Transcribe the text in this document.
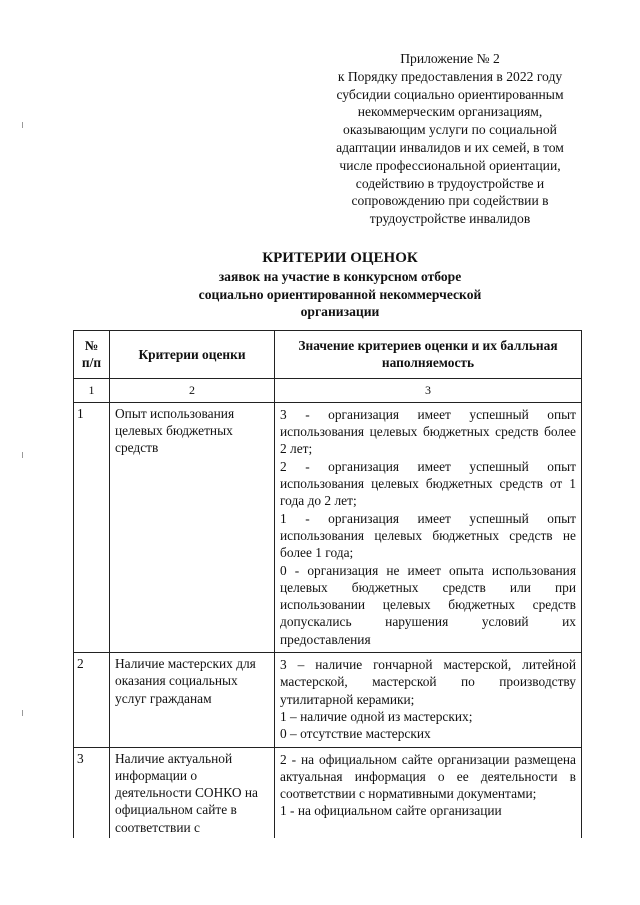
Приложение № 2
к Порядку предоставления в 2022 году
субсидии социально ориентированным
некоммерческим организациям,
оказывающим услуги по социальной
адаптации инвалидов и их семей, в том
числе профессиональной ориентации,
содействию в трудоустройстве и
сопровождению при содействии в
трудоустройстве инвалидов
КРИТЕРИИ ОЦЕНОК
заявок на участие в конкурсном отборе
социально ориентированной некоммерческой
организации
№
п/п	Критерии оценки	Значение критериев оценки и их балльная наполняемость
1	2	3
1	Опыт использования целевых бюджетных средств	3 - организация имеет успешный опыт использования целевых бюджетных средств более 2 лет;

2 - организация имеет успешный опыт использования целевых бюджетных средств от 1 года до 2 лет;

1 - организация имеет успешный опыт использования целевых бюджетных средств не более 1 года;

0 - организация не имеет опыта использования целевых бюджетных средств или при использовании целевых бюджетных средств допускались нарушения условий их предоставления

2	Наличие мастерских для оказания социальных услуг гражданам	3 – наличие гончарной мастерской, литейной мастерской, мастерской по производству утилитарной керамики;

1 – наличие одной из мастерских;

0 – отсутствие мастерских

3	Наличие актуальной информации о деятельности СОНКО на официальном сайте в соответствии с	2 - на официальном сайте организации размещена актуальная информация о ее деятельности в соответствии с нормативными документами;

1 - на официальном сайте организации
